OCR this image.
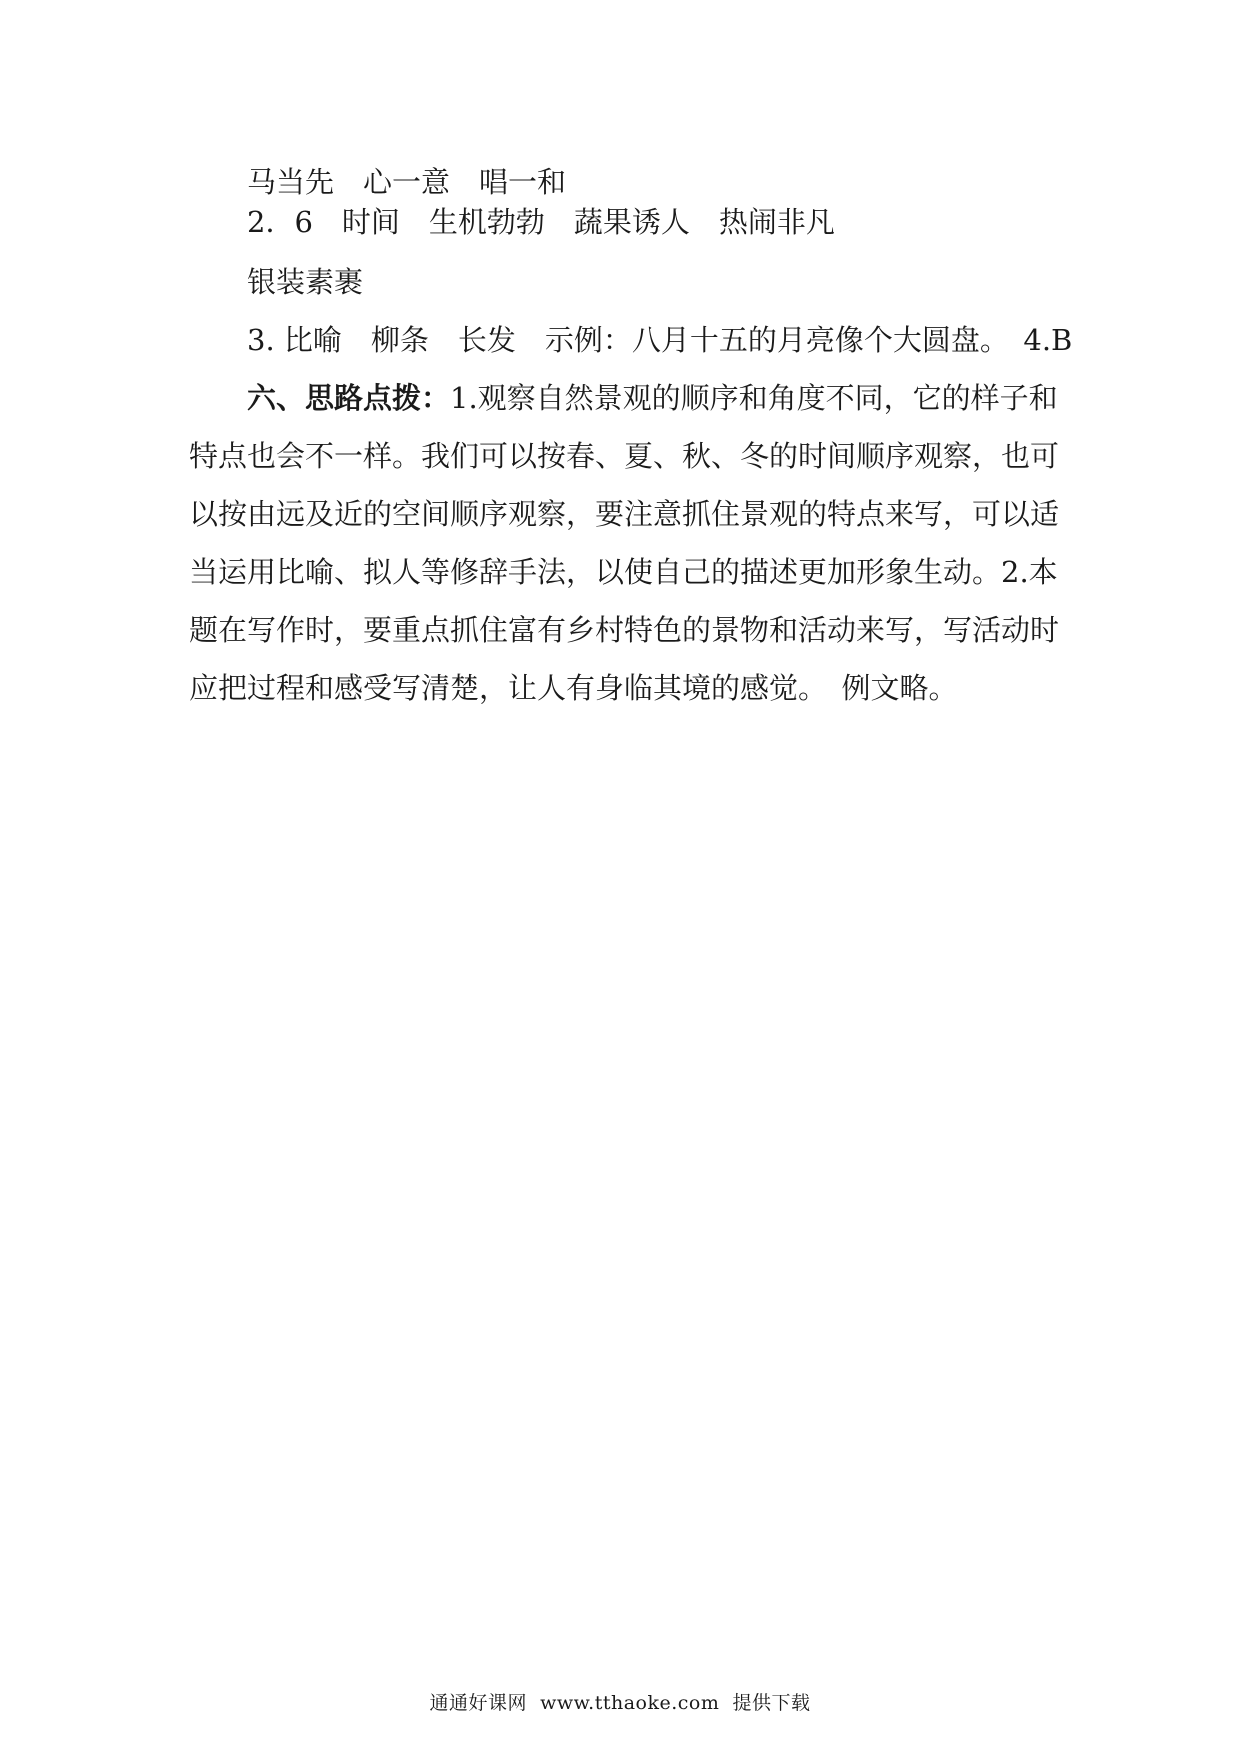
马当先　心一意　唱一和
2．6　时间　生机勃勃　蔬果诱人　热闹非凡
银装素裹
3. 比喻　柳条　长发　示例：八月十五的月亮像个大圆盘。　4.B
六、思路点拨：1.观察自然景观的顺序和角度不同，它的样子和
特点也会不一样。我们可以按春、夏、秋、冬的时间顺序观察，也可
以按由远及近的空间顺序观察，要注意抓住景观的特点来写，可以适
当运用比喻、拟人等修辞手法，以使自己的描述更加形象生动。2.本
题在写作时，要重点抓住富有乡村特色的景物和活动来写，写活动时
应把过程和感受写清楚，让人有身临其境的感觉。　例文略。
通通好课网  www.tthaoke.com  提供下载
